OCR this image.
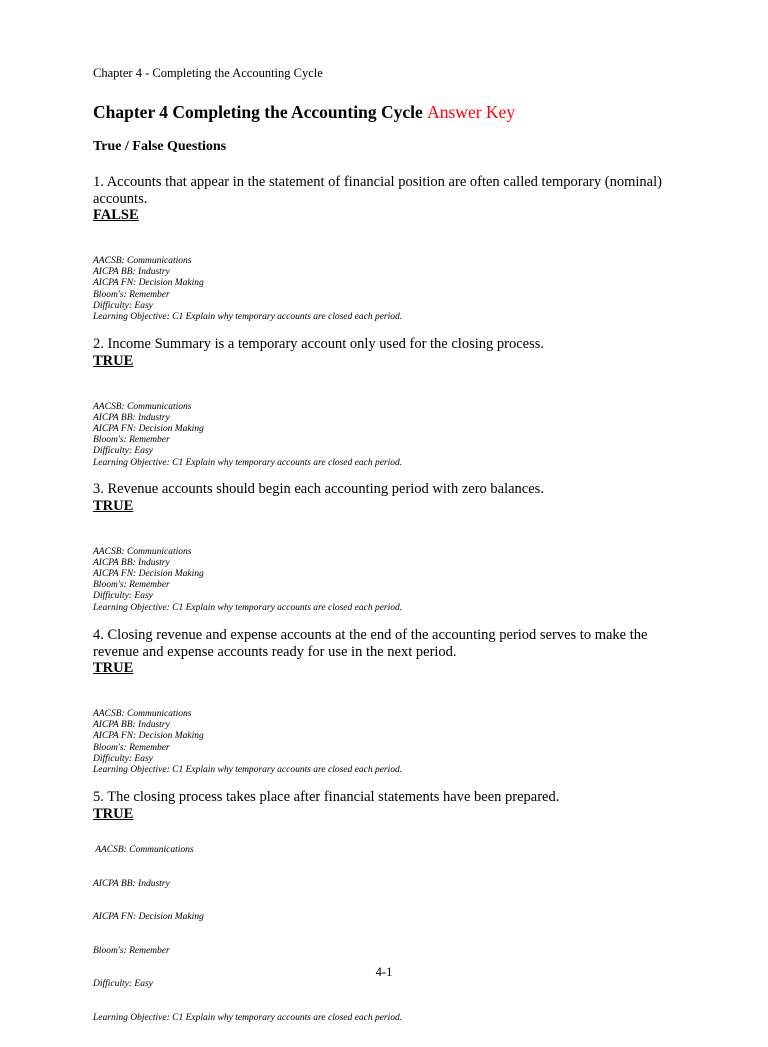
Chapter 4 - Completing the Accounting Cycle
Chapter 4 Completing the Accounting Cycle Answer Key
True / False Questions

1. Accounts that appear in the statement of financial position are often called temporary (nominal) accounts.

FALSE

AACSB: Communications
AICPA BB: Industry
AICPA FN: Decision Making
Bloom's: Remember
Difficulty: Easy
Learning Objective: C1 Explain why temporary accounts are closed each period.

2. Income Summary is a temporary account only used for the closing process.

TRUE

AACSB: Communications
AICPA BB: Industry
AICPA FN: Decision Making
Bloom's: Remember
Difficulty: Easy
Learning Objective: C1 Explain why temporary accounts are closed each period.

3. Revenue accounts should begin each accounting period with zero balances.

TRUE

AACSB: Communications
AICPA BB: Industry
AICPA FN: Decision Making
Bloom's: Remember
Difficulty: Easy
Learning Objective: C1 Explain why temporary accounts are closed each period.

4. Closing revenue and expense accounts at the end of the accounting period serves to make the revenue and expense accounts ready for use in the next period.

TRUE

AACSB: Communications
AICPA BB: Industry
AICPA FN: Decision Making
Bloom's: Remember
Difficulty: Easy
Learning Objective: C1 Explain why temporary accounts are closed each period.

5. The closing process takes place after financial statements have been prepared.

TRUE

AACSB: Communications

AICPA BB: Industry

AICPA FN: Decision Making

Bloom's: Remember

Difficulty: Easy

Learning Objective: C1 Explain why temporary accounts are closed each period.

4-1
